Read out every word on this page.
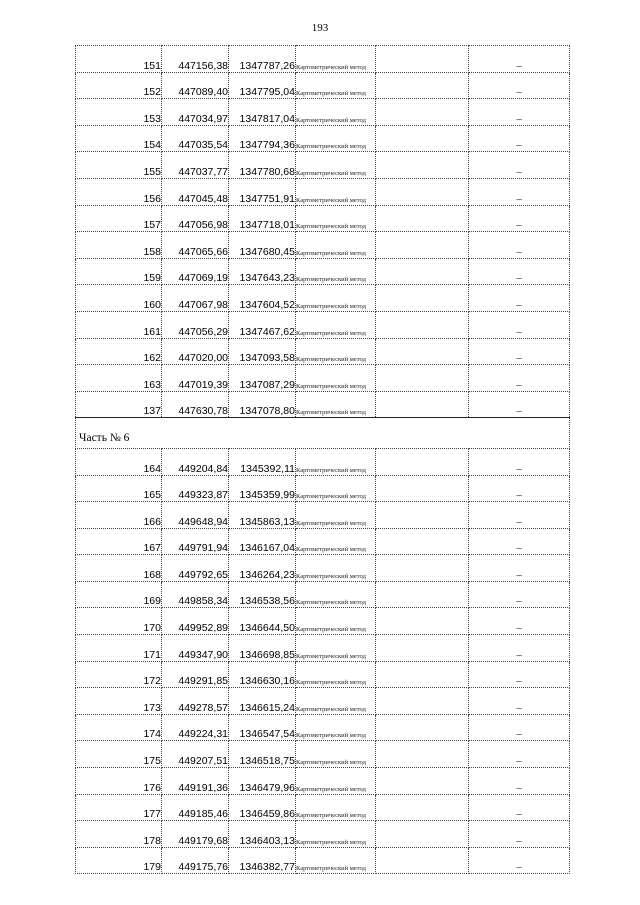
193
151	447156,38	1347787,26	Картометрический метод		–
152	447089,40	1347795,04	Картометрический метод		–
153	447034,97	1347817,04	Картометрический метод		–
154	447035,54	1347794,36	Картометрический метод		–
155	447037,77	1347780,68	Картометрический метод		–
156	447045,48	1347751,91	Картометрический метод		–
157	447056,98	1347718,01	Картометрический метод		–
158	447065,66	1347680,45	Картометрический метод		–
159	447069,19	1347643,23	Картометрический метод		–
160	447067,98	1347604,52	Картометрический метод		–
161	447056,29	1347467,62	Картометрический метод		–
162	447020,00	1347093,58	Картометрический метод		–
163	447019,39	1347087,29	Картометрический метод		–
137	447630,78	1347078,80	Картометрический метод		–
Часть № 6					
164	449204,84	1345392,11	Картометрический метод		–
165	449323,87	1345359,99	Картометрический метод		–
166	449648,94	1345863,13	Картометрический метод		–
167	449791,94	1346167,04	Картометрический метод		–
168	449792,65	1346264,23	Картометрический метод		–
169	449858,34	1346538,56	Картометрический метод		–
170	449952,89	1346644,50	Картометрический метод		–
171	449347,90	1346698,85	Картометрический метод		–
172	449291,85	1346630,16	Картометрический метод		–
173	449278,57	1346615,24	Картометрический метод		–
174	449224,31	1346547,54	Картометрический метод		–
175	449207,51	1346518,75	Картометрический метод		–
176	449191,36	1346479,96	Картометрический метод		–
177	449185,46	1346459,86	Картометрический метод		–
178	449179,68	1346403,13	Картометрический метод		–
179	449175,76	1346382,77	Картометрический метод		–
